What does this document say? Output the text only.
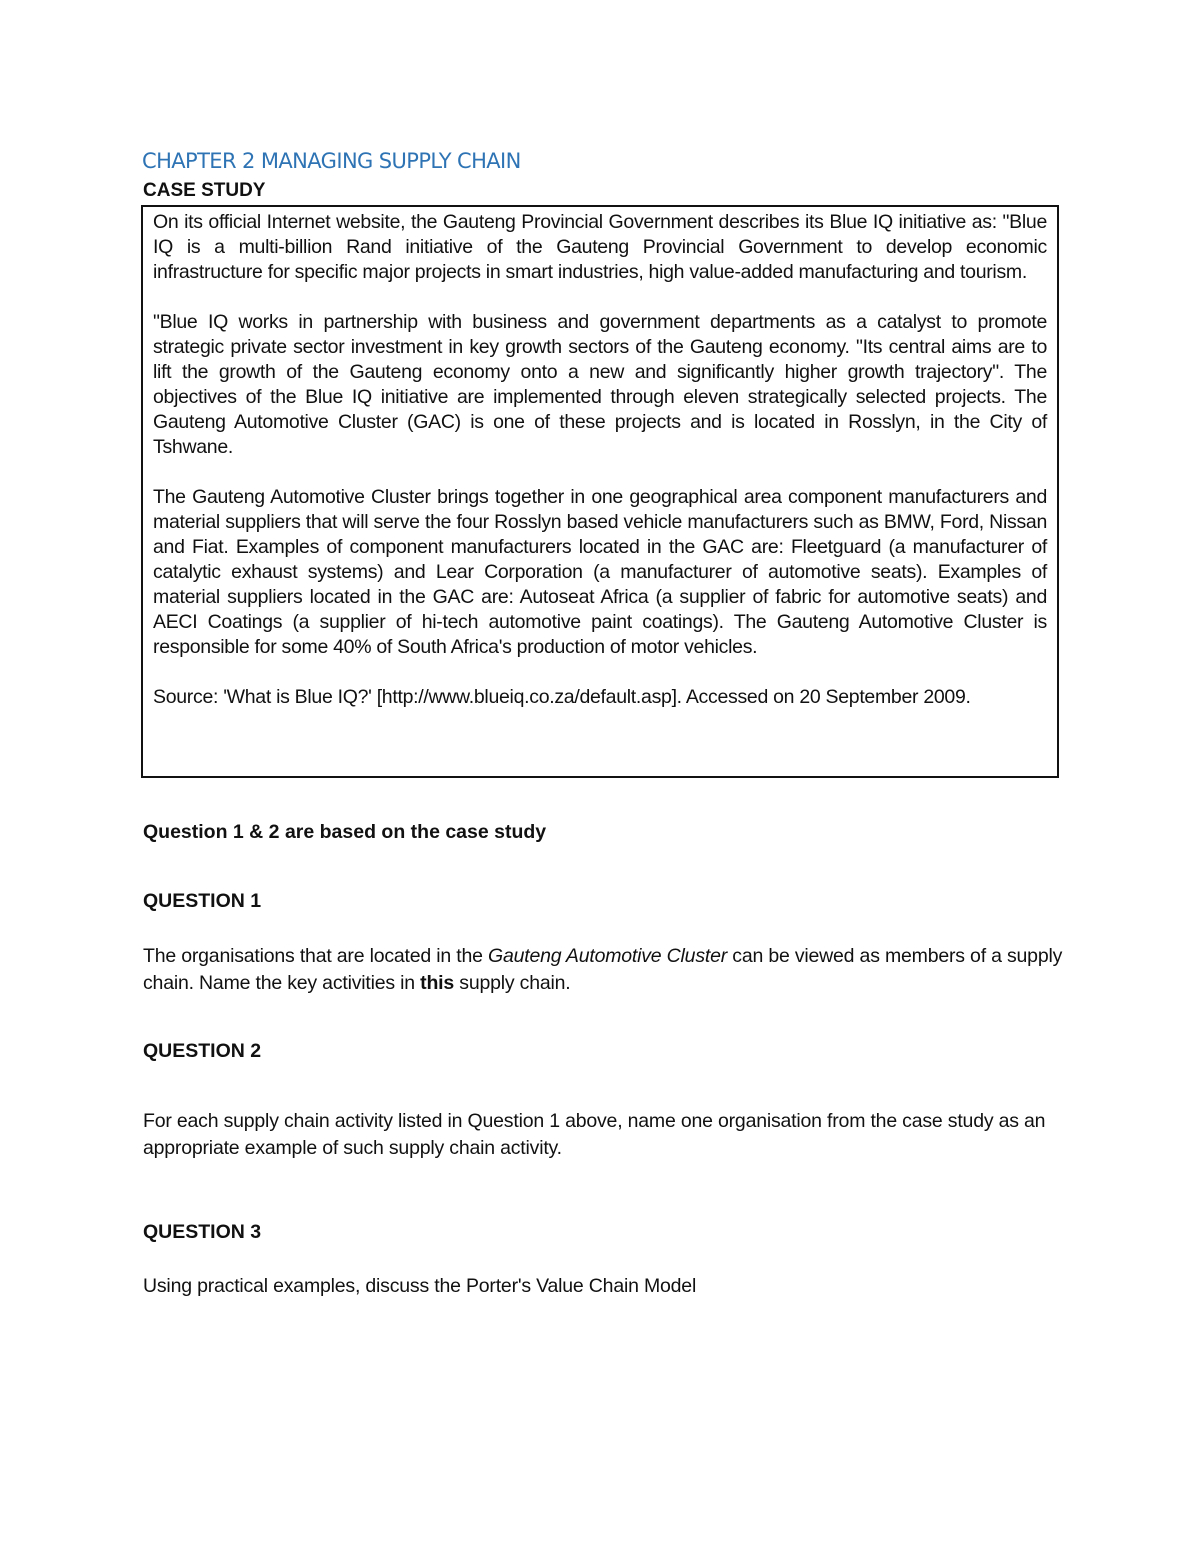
CHAPTER 2 MANAGING SUPPLY CHAIN
CASE STUDY

On its official Internet website, the Gauteng Provincial Government describes its Blue IQ initiative as: "Blue IQ is a multi-billion Rand initiative of the Gauteng Provincial Government to develop economic infrastructure for specific major projects in smart industries, high value-added manufacturing and tourism.

"Blue IQ works in partnership with business and government departments as a catalyst to promote strategic private sector investment in key growth sectors of the Gauteng economy. "Its central aims are to lift the growth of the Gauteng economy onto a new and significantly higher growth trajectory". The objectives of the Blue IQ initiative are implemented through eleven strategically selected projects. The Gauteng Automotive Cluster (GAC) is one of these projects and is located in Rosslyn, in the City of Tshwane.

The Gauteng Automotive Cluster brings together in one geographical area component manufacturers and material suppliers that will serve the four Rosslyn based vehicle manufacturers such as BMW, Ford, Nissan and Fiat. Examples of component manufacturers located in the GAC are: Fleetguard (a manufacturer of catalytic exhaust systems) and Lear Corporation (a manufacturer of automotive seats). Examples of material suppliers located in the GAC are: Autoseat Africa (a supplier of fabric for automotive seats) and AECI Coatings (a supplier of hi-tech automotive paint coatings). The Gauteng Automotive Cluster is responsible for some 40% of South Africa's production of motor vehicles.

Source: 'What is Blue IQ?' [http://www.blueiq.co.za/default.asp]. Accessed on 20 September 2009.

Question 1 & 2 are based on the case study
QUESTION 1

The organisations that are located in the Gauteng Automotive Cluster can be viewed as members of a supply chain. Name the key activities in this supply chain.

QUESTION 2

For each supply chain activity listed in Question 1 above, name one organisation from the case study as an appropriate example of such supply chain activity.

QUESTION 3

Using practical examples, discuss the Porter's Value Chain Model
